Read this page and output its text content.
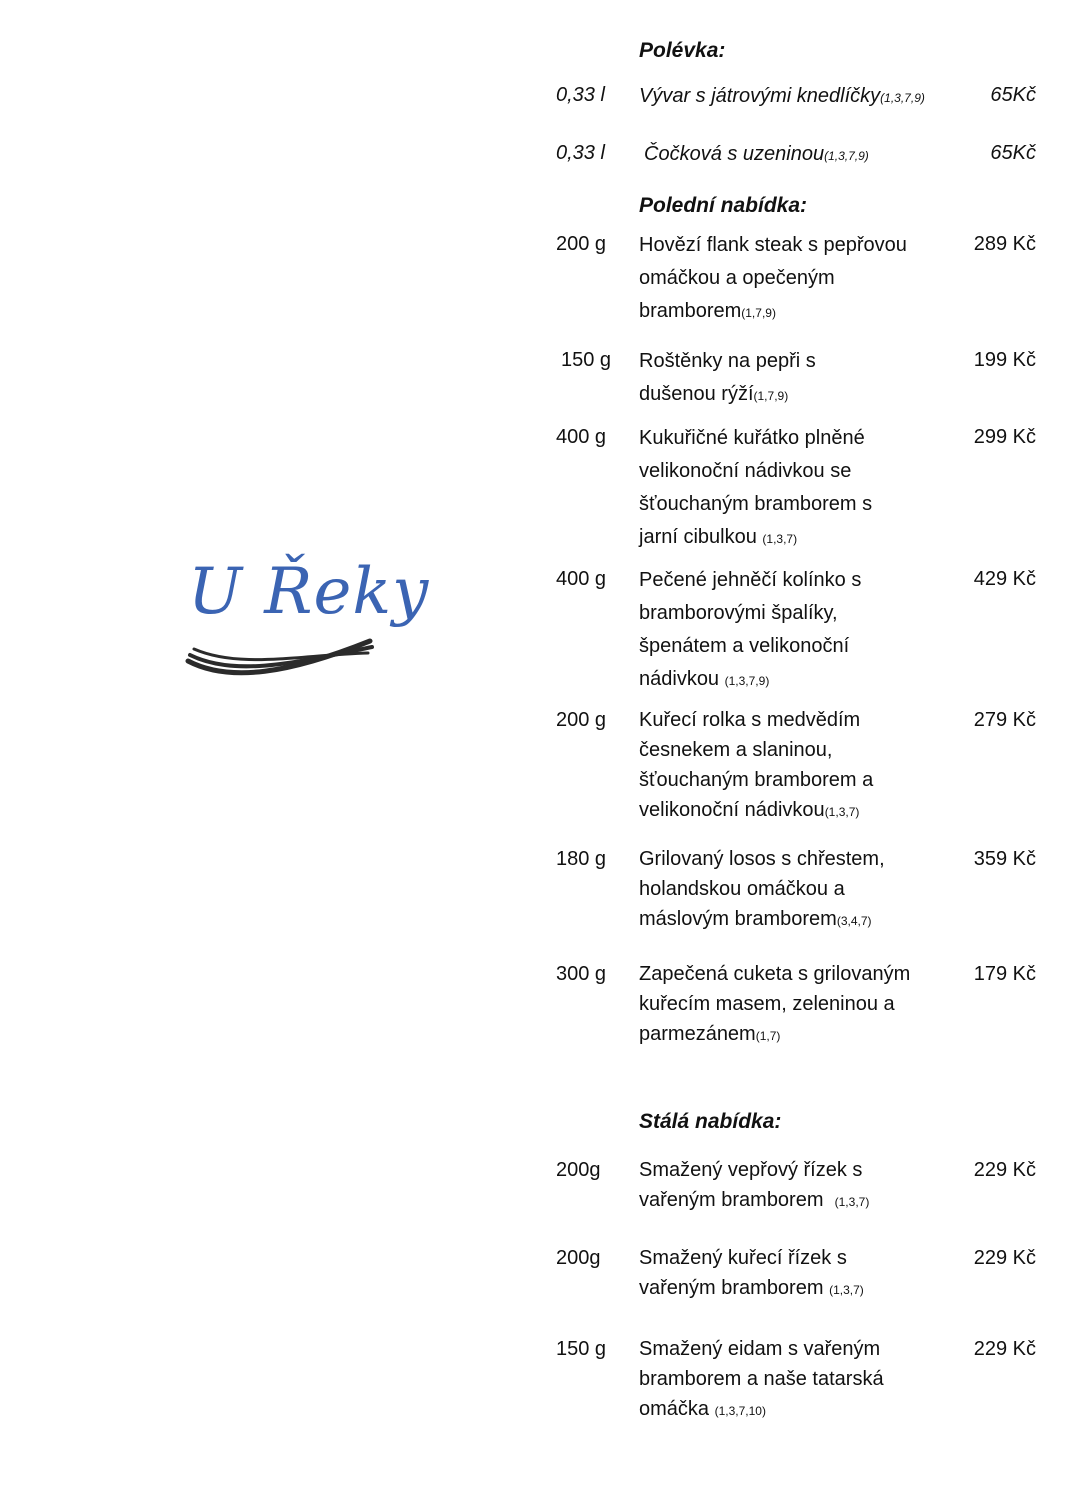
U Řeky
Polévka:
0,33 l Vývar s játrovými knedlíčky(1,3,7,9)	65Kč
0,33 l Čočková s uzeninou(1,3,7,9)	65Kč
Polední nabídka:
200 g Hovězí flank steak s pepřovou omáčkou a opečeným bramborem(1,7,9)
289 Kč
150 g Roštěnky na pepři s dušenou rýží(1,7,9)
199 Kč
400 g Kukuřičné kuřátko plněné velikonoční nádivkou se šťouchaným bramborem s jarní cibulkou (1,3,7)
299 Kč
400 g Pečené jehněčí kolínko s bramborovými špalíky, špenátem a velikonoční nádivkou (1,3,7,9)
429 Kč
200 g Kuřecí rolka s medvědím česnekem a slaninou, šťouchaným bramborem a velikonoční nádivkou(1,3,7)
279 Kč
180 g Grilovaný losos s chřestem, holandskou omáčkou a máslovým bramborem(3,4,7)
359 Kč
300 g Zapečená cuketa s grilovaným kuřecím masem, zeleninou a parmezánem(1,7)
179 Kč
Stálá nabídka:
200g Smažený vepřový řízek s vařeným bramborem (1,3,7)
229 Kč
200g Smažený kuřecí řízek s vařeným bramborem (1,3,7)
229 Kč
150 g Smažený eidam s vařeným bramborem a naše tatarská omáčka (1,3,7,10)
229 Kč
